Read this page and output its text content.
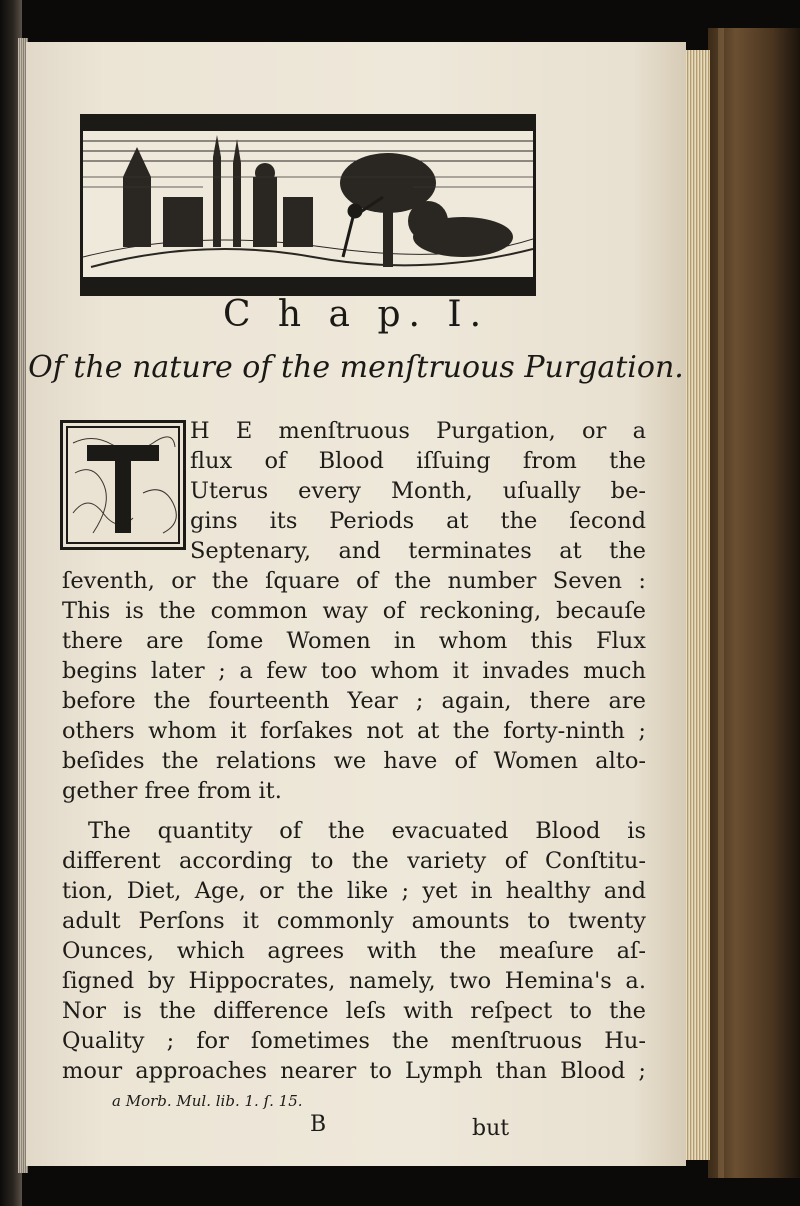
C h a p. I.
Of the nature of the menſtruous Purgation.
T
H E menſtruous Purgation, or a
flux of Blood iſſuing from the
Uterus every Month, uſually be-
gins its Periods at the ſecond
Septenary, and terminates at the
ſeventh, or the ſquare of the number Seven :
This is the common way of reckoning, becauſe
there are ſome Women in whom this Flux
begins later ; a few too whom it invades much
before the fourteenth Year ; again, there are
others whom it forſakes not at the forty-ninth ;
beſides the relations we have of Women alto-
gether free from it.
The quantity of the evacuated Blood is
different according to the variety of Conſtitu-
tion, Diet, Age, or the like ; yet in healthy and
adult Perſons it commonly amounts to twenty
Ounces, which agrees with the meaſure aſ-
ſigned by Hippocrates, namely, two Hemina's a.
Nor is the difference leſs with reſpect to the
Quality ; for ſometimes the menſtruous Hu-
mour approaches nearer to Lymph than Blood ;
a Morb. Mul. lib. 1. ſ. 15.
B	but
